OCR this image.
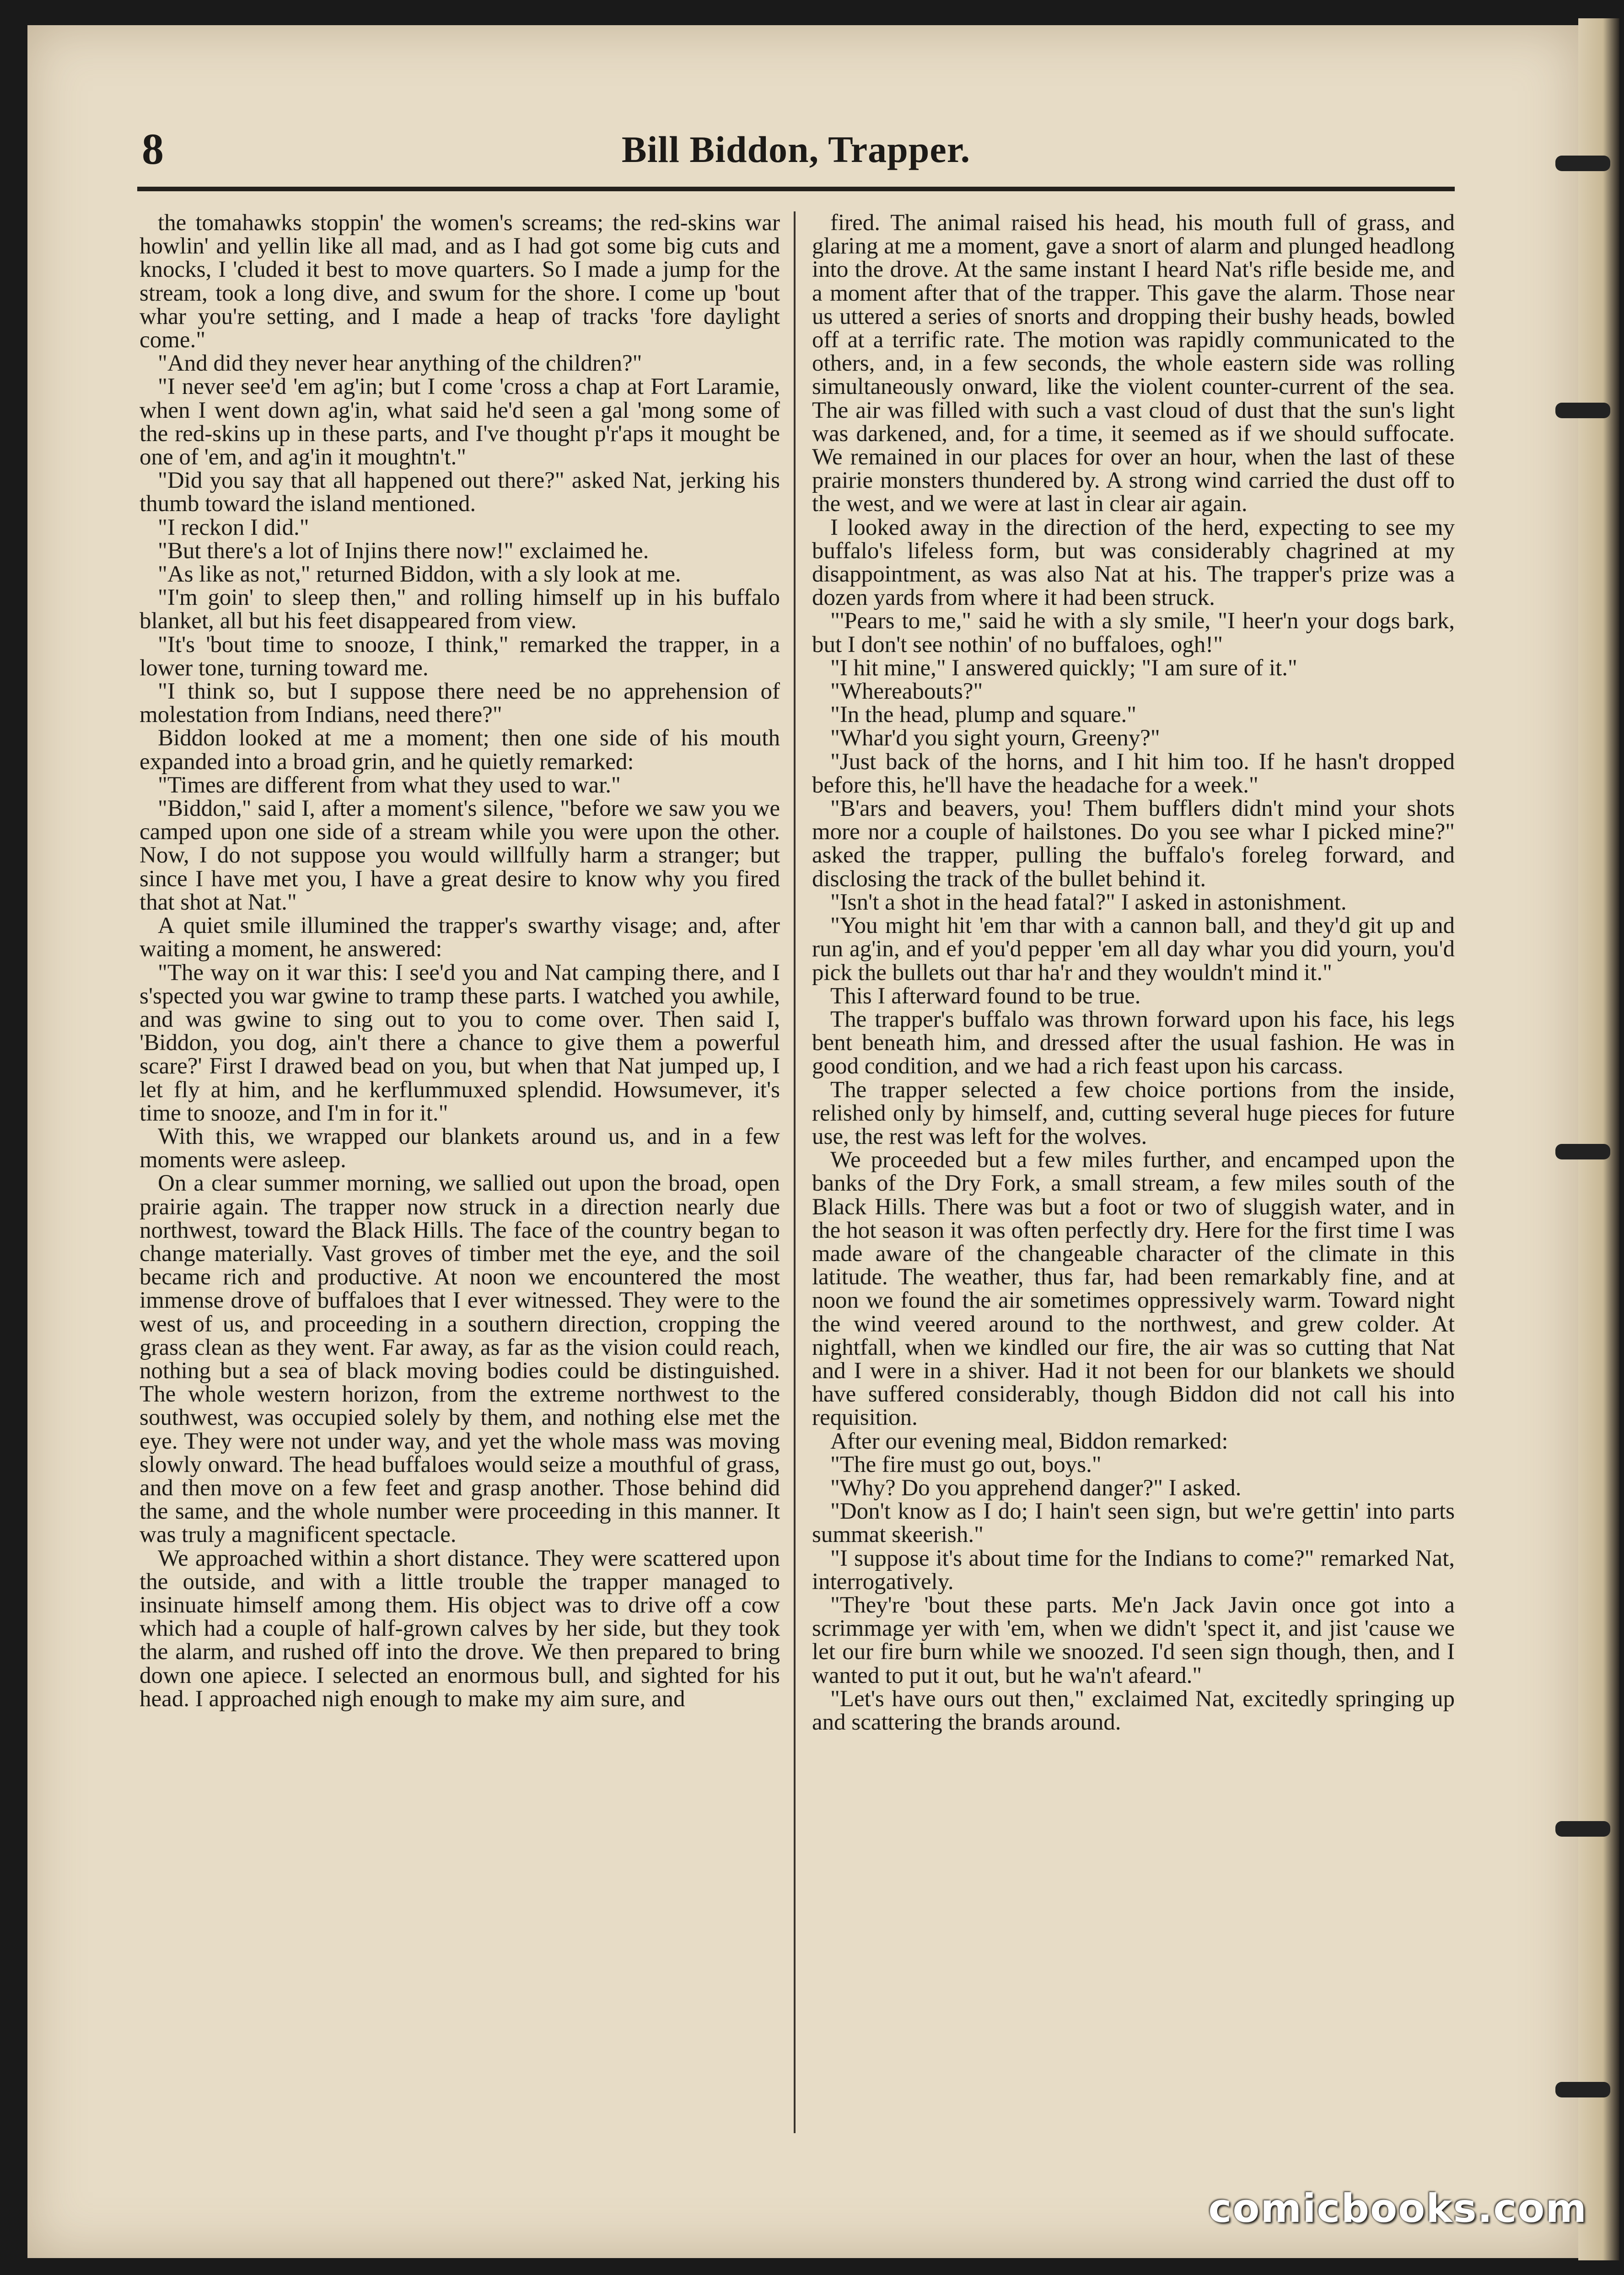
8	Bill Biddon, Trapper.

the tomahawks stoppin' the women's screams; the red-skins war howlin' and yellin like all mad, and as I had got some big cuts and knocks, I 'cluded it best to move quarters. So I made a jump for the stream, took a long dive, and swum for the shore. I come up 'bout whar you're setting, and I made a heap of tracks 'fore daylight come."

"And did they never hear anything of the children?"

"I never see'd 'em ag'in; but I come 'cross a chap at Fort Laramie, when I went down ag'in, what said he'd seen a gal 'mong some of the red-skins up in these parts, and I've thought p'r'aps it mought be one of 'em, and ag'in it moughtn't."

"Did you say that all happened out there?" asked Nat, jerking his thumb toward the island mentioned.

"I reckon I did."

"But there's a lot of Injins there now!" exclaimed he.

"As like as not," returned Biddon, with a sly look at me.

"I'm goin' to sleep then," and rolling himself up in his buffalo blanket, all but his feet disappeared from view.

"It's 'bout time to snooze, I think," remarked the trapper, in a lower tone, turning toward me.

"I think so, but I suppose there need be no apprehension of molestation from Indians, need there?"

Biddon looked at me a moment; then one side of his mouth expanded into a broad grin, and he quietly remarked:

"Times are different from what they used to war."

"Biddon," said I, after a moment's silence, "before we saw you we camped upon one side of a stream while you were upon the other. Now, I do not suppose you would willfully harm a stranger; but since I have met you, I have a great desire to know why you fired that shot at Nat."

A quiet smile illumined the trapper's swarthy visage; and, after waiting a moment, he answered:

"The way on it war this: I see'd you and Nat camping there, and I s'spected you war gwine to tramp these parts. I watched you awhile, and was gwine to sing out to you to come over. Then said I, 'Biddon, you dog, ain't there a chance to give them a powerful scare?' First I drawed bead on you, but when that Nat jumped up, I let fly at him, and he kerflummuxed splendid. Howsumever, it's time to snooze, and I'm in for it."

With this, we wrapped our blankets around us, and in a few moments were asleep.

On a clear summer morning, we sallied out upon the broad, open prairie again. The trapper now struck in a direction nearly due northwest, toward the Black Hills. The face of the country began to change materially. Vast groves of timber met the eye, and the soil became rich and productive. At noon we encountered the most immense drove of buffaloes that I ever witnessed. They were to the west of us, and proceeding in a southern direction, cropping the grass clean as they went. Far away, as far as the vision could reach, nothing but a sea of black moving bodies could be distinguished. The whole western horizon, from the extreme northwest to the southwest, was occupied solely by them, and nothing else met the eye. They were not under way, and yet the whole mass was moving slowly onward. The head buffaloes would seize a mouthful of grass, and then move on a few feet and grasp another. Those behind did the same, and the whole number were proceeding in this manner. It was truly a magnificent spectacle.

We approached within a short distance. They were scattered upon the outside, and with a little trouble the trapper managed to insinuate himself among them. His object was to drive off a cow which had a couple of half-grown calves by her side, but they took the alarm, and rushed off into the drove. We then prepared to bring down one apiece. I selected an enormous bull, and sighted for his head. I approached nigh enough to make my aim sure, and

fired. The animal raised his head, his mouth full of grass, and glaring at me a moment, gave a snort of alarm and plunged headlong into the drove. At the same instant I heard Nat's rifle beside me, and a moment after that of the trapper. This gave the alarm. Those near us uttered a series of snorts and dropping their bushy heads, bowled off at a terrific rate. The motion was rapidly communicated to the others, and, in a few seconds, the whole eastern side was rolling simultaneously onward, like the violent counter-current of the sea. The air was filled with such a vast cloud of dust that the sun's light was darkened, and, for a time, it seemed as if we should suffocate. We remained in our places for over an hour, when the last of these prairie monsters thundered by. A strong wind carried the dust off to the west, and we were at last in clear air again.

I looked away in the direction of the herd, expecting to see my buffalo's lifeless form, but was considerably chagrined at my disappointment, as was also Nat at his. The trapper's prize was a dozen yards from where it had been struck.

"'Pears to me," said he with a sly smile, "I heer'n your dogs bark, but I don't see nothin' of no buffaloes, ogh!"

"I hit mine," I answered quickly; "I am sure of it."

"Whereabouts?"

"In the head, plump and square."

"Whar'd you sight yourn, Greeny?"

"Just back of the horns, and I hit him too. If he hasn't dropped before this, he'll have the headache for a week."

"B'ars and beavers, you! Them bufflers didn't mind your shots more nor a couple of hailstones. Do you see whar I picked mine?" asked the trapper, pulling the buffalo's foreleg forward, and disclosing the track of the bullet behind it.

"Isn't a shot in the head fatal?" I asked in astonishment.

"You might hit 'em thar with a cannon ball, and they'd git up and run ag'in, and ef you'd pepper 'em all day whar you did yourn, you'd pick the bullets out thar ha'r and they wouldn't mind it."

This I afterward found to be true.

The trapper's buffalo was thrown forward upon his face, his legs bent beneath him, and dressed after the usual fashion. He was in good condition, and we had a rich feast upon his carcass.

The trapper selected a few choice portions from the inside, relished only by himself, and, cutting several huge pieces for future use, the rest was left for the wolves.

We proceeded but a few miles further, and encamped upon the banks of the Dry Fork, a small stream, a few miles south of the Black Hills. There was but a foot or two of sluggish water, and in the hot season it was often perfectly dry. Here for the first time I was made aware of the changeable character of the climate in this latitude. The weather, thus far, had been remarkably fine, and at noon we found the air sometimes oppressively warm. Toward night the wind veered around to the northwest, and grew colder. At nightfall, when we kindled our fire, the air was so cutting that Nat and I were in a shiver. Had it not been for our blankets we should have suffered considerably, though Biddon did not call his into requisition.

After our evening meal, Biddon remarked:

"The fire must go out, boys."

"Why? Do you apprehend danger?" I asked.

"Don't know as I do; I hain't seen sign, but we're gettin' into parts summat skeerish."

"I suppose it's about time for the Indians to come?" remarked Nat, interrogatively.

"They're 'bout these parts. Me'n Jack Javin once got into a scrimmage yer with 'em, when we didn't 'spect it, and jist 'cause we let our fire burn while we snoozed. I'd seen sign though, then, and I wanted to put it out, but he wa'n't afeard."

"Let's have ours out then," exclaimed Nat, excitedly springing up and scattering the brands around.

comicbooks.com
